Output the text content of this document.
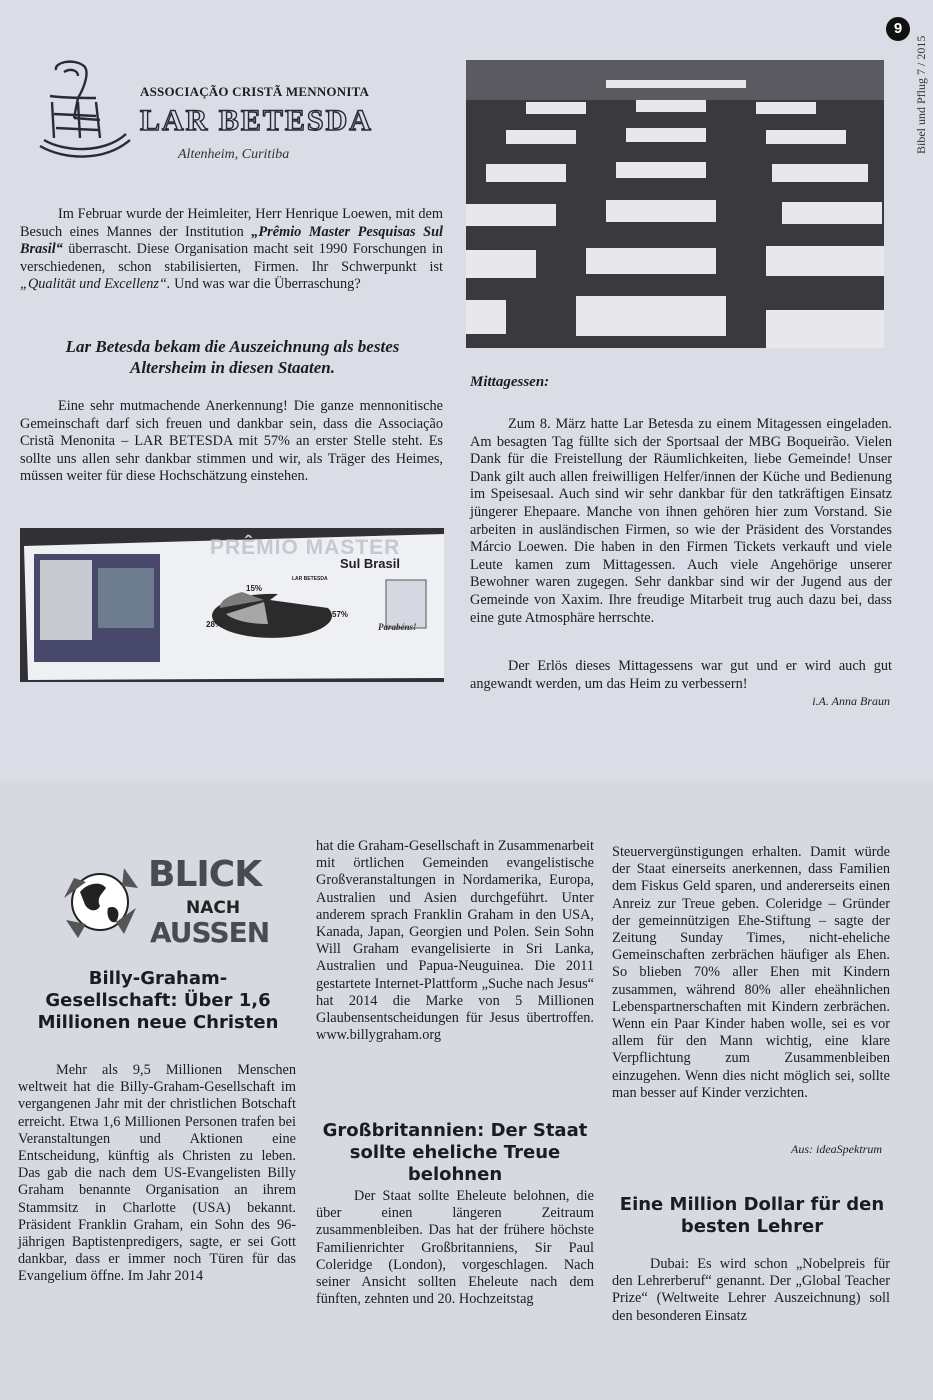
9
Bibel und Pflug 7 / 2015
ASSOCIAÇÃO CRISTÃ MENNONITA
LAR BETESDA
Altenheim, Curitiba

Im Februar wurde der Heimleiter, Herr Henrique Loewen, mit dem Besuch eines Mannes der Institution „Prêmio Master Pesquisas Sul Brasil“ überrascht. Diese Organisation macht seit 1990 Forschungen in verschiedenen, schon stabilisierten, Firmen. Ihr Schwerpunkt ist „Qualität und Excellenz“. Und was war die Überraschung?

Lar Betesda bekam die Auszeichnung als bestes Altersheim in diesen Staaten.

Eine sehr mutmachende Anerkennung! Die ganze mennonitische Gemeinschaft darf sich freuen und dankbar sein, dass die Associação Cristã Menonita – LAR BETESDA mit 57% an erster Stelle steht. Es sollte uns allen sehr dankbar stimmen und wir, als Träger des Heimes, müssen weiter für diese Hochschätzung einstehen.

PRÊMIO MASTER
Sul Brasil
15%
28%
57%
LAR BETESDA
Parabéns!
Mittagessen:

Zum 8. März hatte Lar Betesda zu einem Mitagessen eingeladen. Am besagten Tag füllte sich der Sportsaal der MBG Boqueirão. Vielen Dank für die Freistellung der Räumlichkeiten, liebe Gemeinde! Unser Dank gilt auch allen freiwilligen Helfer/innen der Küche und Bedienung im Speisesaal. Auch sind wir sehr dankbar für den tatkräftigen Einsatz jüngerer Ehepaare. Manche von ihnen gehören hier zum Vorstand. Sie arbeiten in ausländischen Firmen, so wie der Präsident des Vorstandes Márcio Loewen. Die haben in den Firmen Tickets verkauft und viele Leute kamen zum Mittagessen. Auch viele Angehörige unserer Bewohner waren zugegen. Sehr dankbar sind wir der Jugend aus der Gemeinde von Xaxim. Ihre freudige Mitarbeit trug auch dazu bei, dass eine gute Atmosphäre herrschte.

Der Erlös dieses Mittagessens war gut und er wird auch gut angewandt werden, um das Heim zu verbessern!

i.A. Anna Braun
BLICK
NACH
AUSSEN
Billy-Graham-Gesellschaft: Über 1,6 Millionen neue Christen

Mehr als 9,5 Millionen Menschen weltweit hat die Billy-Graham-Gesellschaft im vergangenen Jahr mit der christlichen Botschaft erreicht. Etwa 1,6 Millionen Personen trafen bei Veranstaltungen und Aktionen eine Entscheidung, künftig als Christen zu leben. Das gab die nach dem US-Evangelisten Billy Graham benannte Organisation an ihrem Stammsitz in Charlotte (USA) bekannt. Präsident Franklin Graham, ein Sohn des 96-jährigen Baptistenpredigers, sagte, er sei Gott dankbar, dass er immer noch Türen für das Evangelium öffne. Im Jahr 2014

hat die Graham-Gesellschaft in Zusammenarbeit mit örtlichen Gemeinden evangelistische Großveranstaltungen in Nordamerika, Europa, Australien und Asien durchgeführt. Unter anderem sprach Franklin Graham in den USA, Kanada, Japan, Georgien und Polen. Sein Sohn Will Graham evangelisierte in Sri Lanka, Australien und Papua-Neuguinea. Die 2011 gestartete Internet-Plattform „Suche nach Jesus“ hat 2014 die Marke von 5 Millionen Glaubensentscheidungen für Jesus übertroffen. www.billygraham.org

Großbritannien: Der Staat sollte eheliche Treue belohnen

Der Staat sollte Eheleute belohnen, die über einen längeren Zeitraum zusammenbleiben. Das hat der frühere höchste Familienrichter Großbritanniens, Sir Paul Coleridge (London), vorgeschlagen. Nach seiner Ansicht sollten Eheleute nach dem fünften, zehnten und 20. Hochzeitstag

Steuervergünstigungen erhalten. Damit würde der Staat einerseits anerkennen, dass Familien dem Fiskus Geld sparen, und andererseits einen Anreiz zur Treue geben. Coleridge – Gründer der gemeinnützigen Ehe-Stiftung – sagte der Zeitung Sunday Times, nicht-eheliche Gemeinschaften zerbrächen häufiger als Ehen. So blieben 70% aller Ehen mit Kindern zusammen, während 80% aller eheähnlichen Lebenspartnerschaften mit Kindern zerbrächen. Wenn ein Paar Kinder haben wolle, sei es vor allem für den Mann wichtig, eine klare Verpflichtung zum Zusammenbleiben einzugehen. Wenn dies nicht möglich sei, sollte man besser auf Kinder verzichten.

Aus: ideaSpektrum
Eine Million Dollar für den besten Lehrer

Dubai: Es wird schon „Nobelpreis für den Lehrerberuf“ genannt. Der „Global Teacher Prize“ (Weltweite Lehrer Auszeichnung) soll den besonderen Einsatz
